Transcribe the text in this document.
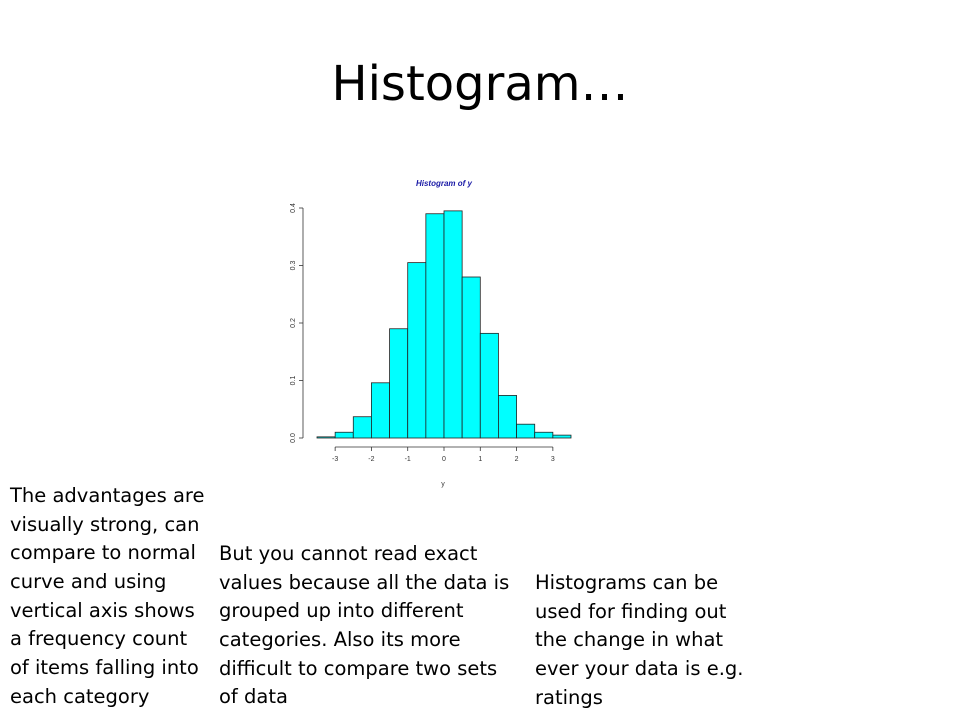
Histogram…
Histogram of y
0.0
0.1
0.2
0.3
0.4
-3	-2	-1	0	1	2	3
y

The advantages are
visually strong, can
compare to normal
curve and using
vertical axis shows
a frequency count
of items falling into
each category

But you cannot read exact
values because all the data is
grouped up into different
categories. Also its more
difficult to compare two sets
of data

Histograms can be
used for finding out
the change in what
ever your data is e.g.
ratings
